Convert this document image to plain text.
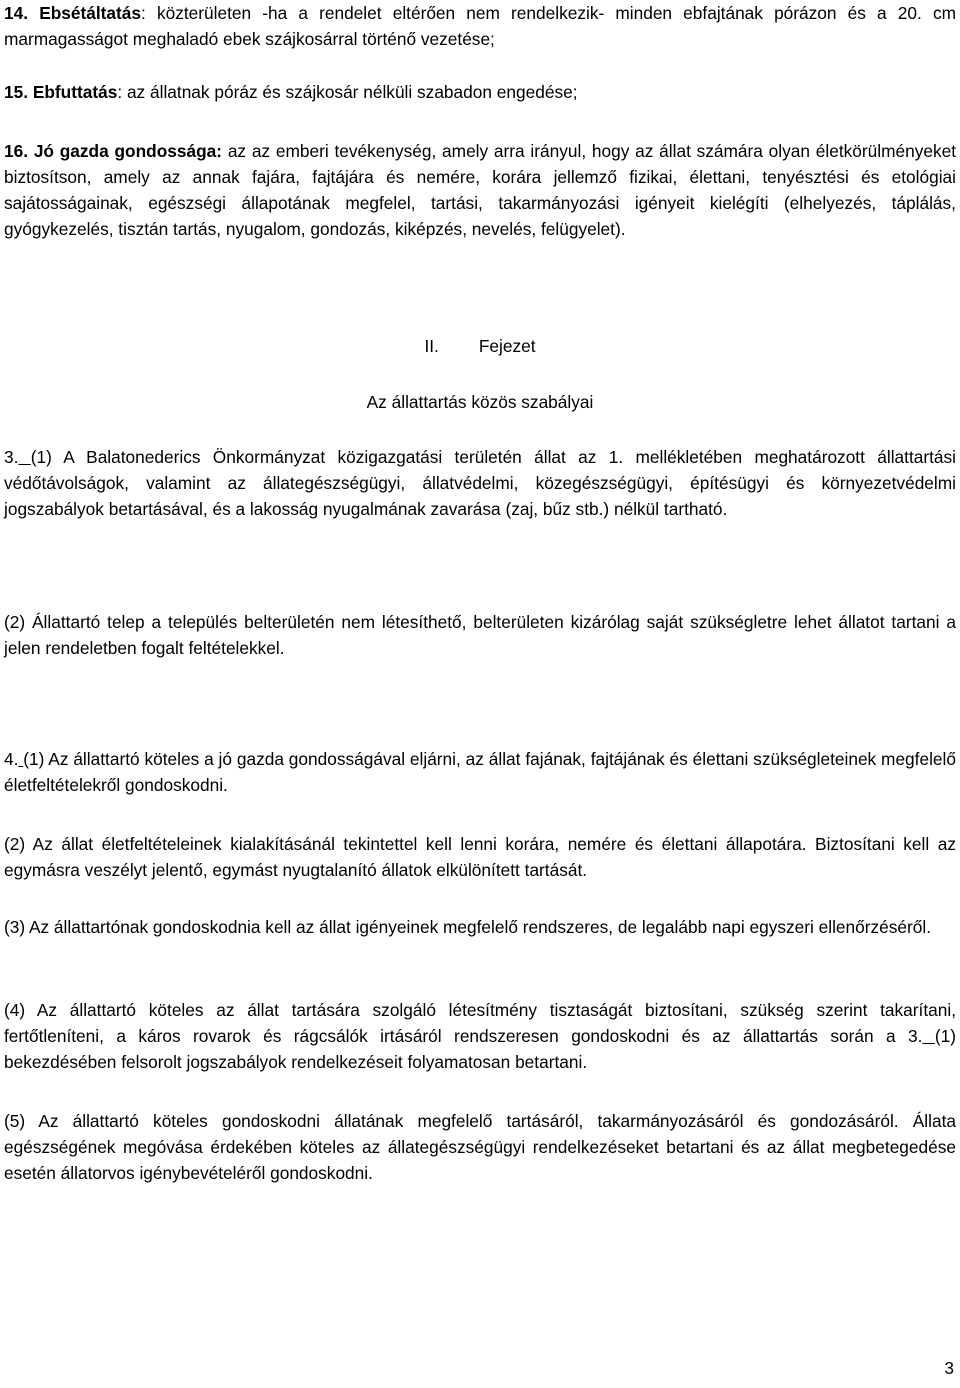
14. Ebsétáltatás: közterületen -ha a rendelet eltérően nem rendelkezik- minden ebfajtának pórázon és a 20. cm marmagasságot meghaladó ebek szájkosárral történő vezetése;

15. Ebfuttatás: az állatnak póráz és szájkosár nélküli szabadon engedése;

16. Jó gazda gondossága: az az emberi tevékenység, amely arra irányul, hogy az állat számára olyan életkörülményeket biztosítson, amely az annak fajára, fajtájára és nemére, korára jellemző fizikai, élettani, tenyésztési és etológiai sajátosságainak, egészségi állapotának megfelel, tartási, takarmányozási igényeit kielégíti (elhelyezés, táplálás, gyógykezelés, tisztán tartás, nyugalom, gondozás, kiképzés, nevelés, felügyelet).

II. Fejezet

Az állattartás közös szabályai

3. (1) A Balatonederics Önkormányzat közigazgatási területén állat az 1. mellékletében meghatározott állattartási védőtávolságok, valamint az állategészségügyi, állatvédelmi, közegészségügyi, építésügyi és környezetvédelmi jogszabályok betartásával, és a lakosság nyugalmának zavarása (zaj, bűz stb.) nélkül tartható.

(2) Állattartó telep a település belterületén nem létesíthető, belterületen kizárólag saját szükségletre lehet állatot tartani a jelen rendeletben fogalt feltételekkel.

4. (1) Az állattartó köteles a jó gazda gondosságával eljárni, az állat fajának, fajtájának és élettani szükségleteinek megfelelő életfeltételekről gondoskodni.

(2) Az állat életfeltételeinek kialakításánál tekintettel kell lenni korára, nemére és élettani állapotára. Biztosítani kell az egymásra veszélyt jelentő, egymást nyugtalanító állatok elkülönített tartását.

(3) Az állattartónak gondoskodnia kell az állat igényeinek megfelelő rendszeres, de legalább napi egyszeri ellenőrzéséről.

(4) Az állattartó köteles az állat tartására szolgáló létesítmény tisztaságát biztosítani, szükség szerint takarítani, fertőtleníteni, a káros rovarok és rágcsálók irtásáról rendszeresen gondoskodni és az állattartás során a 3. (1) bekezdésében felsorolt jogszabályok rendelkezéseit folyamatosan betartani.

(5) Az állattartó köteles gondoskodni állatának megfelelő tartásáról, takarmányozásáról és gondozásáról. Állata egészségének megóvása érdekében köteles az állategészségügyi rendelkezéseket betartani és az állat megbetegedése esetén állatorvos igénybevételéről gondoskodni.

3
